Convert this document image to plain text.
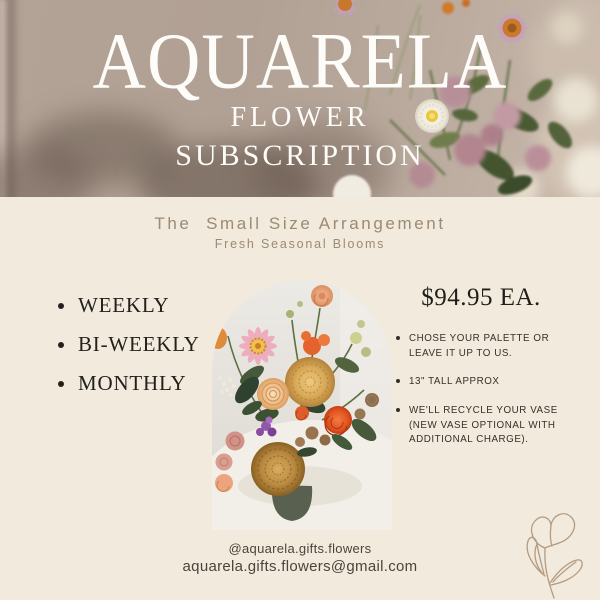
AQUARELA
FLOWER
SUBSCRIPTION
The  Small Size Arrangement
Fresh Seasonal Blooms
WEEKLY
BI-WEEKLY
MONTHLY
$94.95 EA.
CHOSE YOUR PALETTE OR LEAVE IT UP TO US.
13" TALL APPROX
WE'LL RECYCLE YOUR VASE (NEW VASE OPTIONAL WITH ADDITIONAL CHARGE).
@aquarela.gifts.flowers
aquarela.gifts.flowers@gmail.com
